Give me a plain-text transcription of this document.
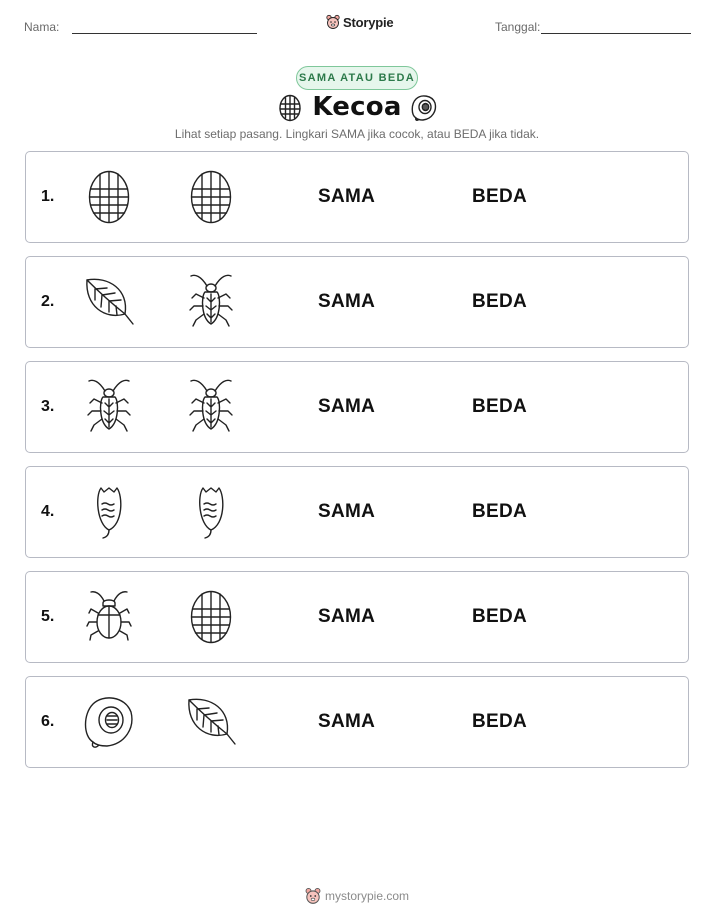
Nama:	Storypie	Tanggal:
SAMA ATAU BEDA
Kecoa
Lihat setiap pasang. Lingkari SAMA jika cocok, atau BEDA jika tidak.
1.	SAMA	BEDA
2.	SAMA	BEDA
3.	SAMA	BEDA
4.	SAMA	BEDA
5.	SAMA	BEDA
6.	SAMA	BEDA
mystorypie.com
